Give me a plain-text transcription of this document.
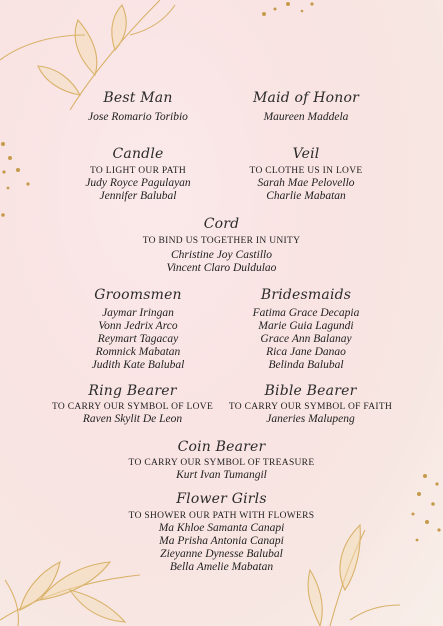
Best Man
Jose Romario Toribio
Maid of Honor
Maureen Maddela
Candle
TO LIGHT OUR PATH
Judy Royce Pagulayan
Jennifer Balubal
Veil
TO CLOTHE US IN LOVE
Sarah Mae Pelovello
Charlie Mabatan
Cord
TO BIND US TOGETHER IN UNITY
Christine Joy Castillo
Vincent Claro Duldulao
Groomsmen
Jaymar Iringan
Vonn Jedrix Arco
Reymart Tagacay
Romnick Mabatan
Judith Kate Balubal
Bridesmaids
Fatima Grace Decapia
Marie Guia Lagundi
Grace Ann Balanay
Rica Jane Danao
Belinda Balubal
Ring Bearer
TO CARRY OUR SYMBOL OF LOVE
Raven Skylit De Leon
Bible Bearer
TO CARRY OUR SYMBOL OF FAITH
Janeries Malupeng
Coin Bearer
TO CARRY OUR SYMBOL OF TREASURE
Kurt Ivan Tumangil
Flower Girls
TO SHOWER OUR PATH WITH FLOWERS
Ma Khloe Samanta Canapi
Ma Prisha Antonia Canapi
Zieyanne Dynesse Balubal
Bella Amelie Mabatan
